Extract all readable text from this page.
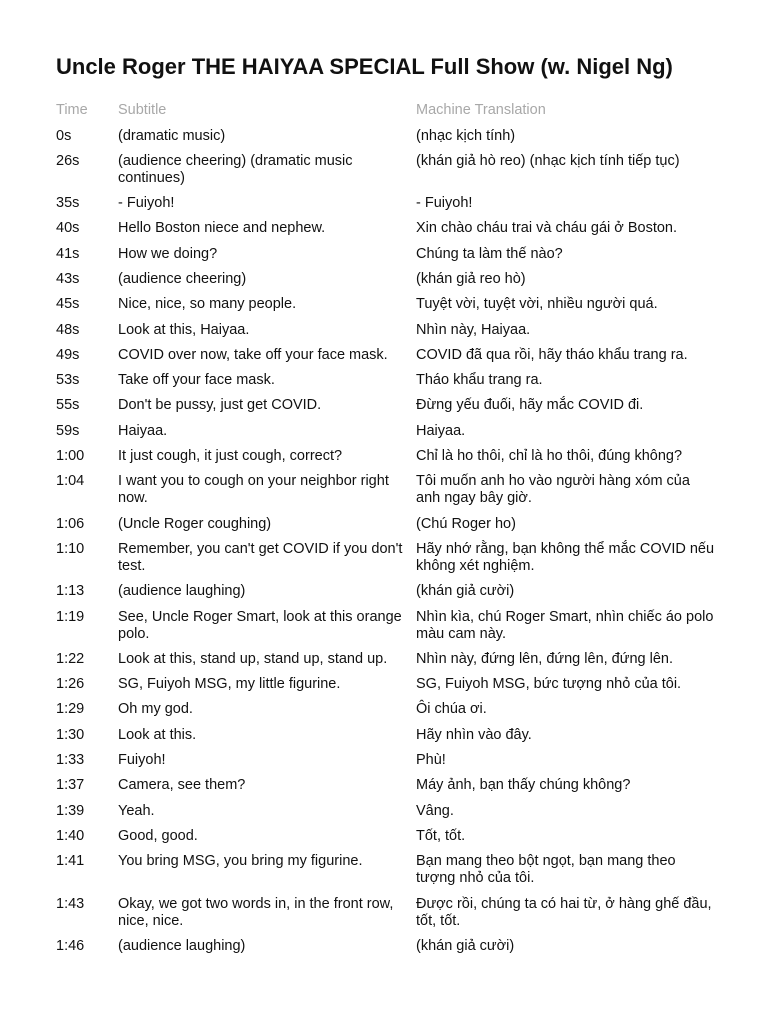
Uncle Roger THE HAIYAA SPECIAL Full Show (w. Nigel Ng)
Time	Subtitle	Machine Translation
0s	(dramatic music)	(nhạc kịch tính)
26s	(audience cheering) (dramatic music continues)	(khán giả hò reo) (nhạc kịch tính tiếp tục)
35s	- Fuiyoh!	- Fuiyoh!
40s	Hello Boston niece and nephew.	Xin chào cháu trai và cháu gái ở Boston.
41s	How we doing?	Chúng ta làm thế nào?
43s	(audience cheering)	(khán giả reo hò)
45s	Nice, nice, so many people.	Tuyệt vời, tuyệt vời, nhiều người quá.
48s	Look at this, Haiyaa.	Nhìn này, Haiyaa.
49s	COVID over now, take off your face mask.	COVID đã qua rồi, hãy tháo khẩu trang ra.
53s	Take off your face mask.	Tháo khẩu trang ra.
55s	Don't be pussy, just get COVID.	Đừng yếu đuối, hãy mắc COVID đi.
59s	Haiyaa.	Haiyaa.
1:00	It just cough, it just cough, correct?	Chỉ là ho thôi, chỉ là ho thôi, đúng không?
1:04	I want you to cough on your neighbor right now.	Tôi muốn anh ho vào người hàng xóm của anh ngay bây giờ.
1:06	(Uncle Roger coughing)	(Chú Roger ho)
1:10	Remember, you can't get COVID if you don't test.	Hãy nhớ rằng, bạn không thể mắc COVID nếu không xét nghiệm.
1:13	(audience laughing)	(khán giả cười)
1:19	See, Uncle Roger Smart, look at this orange polo.	Nhìn kìa, chú Roger Smart, nhìn chiếc áo polo màu cam này.
1:22	Look at this, stand up, stand up, stand up.	Nhìn này, đứng lên, đứng lên, đứng lên.
1:26	SG, Fuiyoh MSG, my little figurine.	SG, Fuiyoh MSG, bức tượng nhỏ của tôi.
1:29	Oh my god.	Ôi chúa ơi.
1:30	Look at this.	Hãy nhìn vào đây.
1:33	Fuiyoh!	Phù!
1:37	Camera, see them?	Máy ảnh, bạn thấy chúng không?
1:39	Yeah.	Vâng.
1:40	Good, good.	Tốt, tốt.
1:41	You bring MSG, you bring my figurine.	Bạn mang theo bột ngọt, bạn mang theo tượng nhỏ của tôi.
1:43	Okay, we got two words in, in the front row, nice, nice.	Được rồi, chúng ta có hai từ, ở hàng ghế đầu, tốt, tốt.
1:46	(audience laughing)	(khán giả cười)
